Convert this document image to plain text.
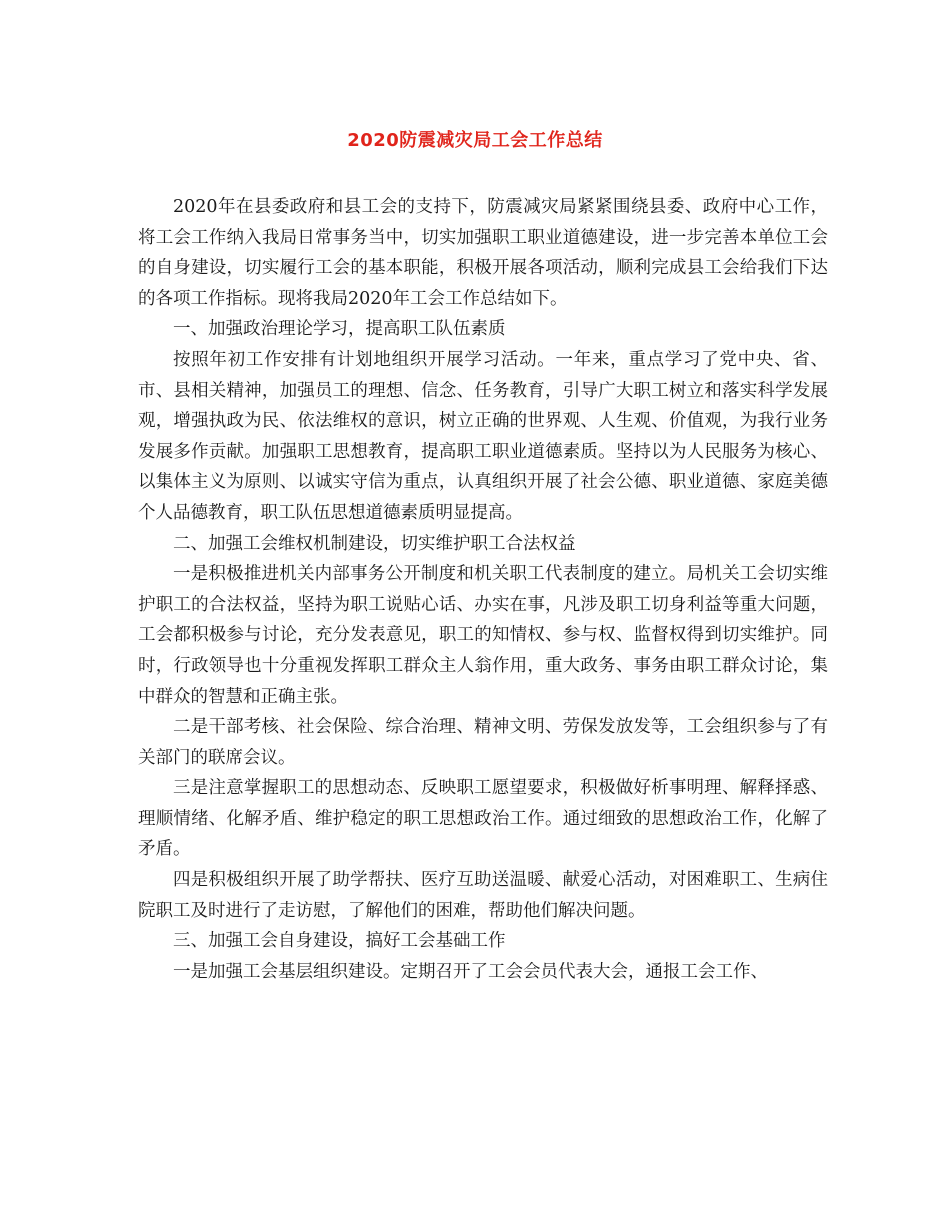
2020防震减灾局工会工作总结

2020年在县委政府和县工会的支持下，防震减灾局紧紧围绕县委、政府中心工作，将工会工作纳入我局日常事务当中，切实加强职工职业道德建设，进一步完善本单位工会的自身建设，切实履行工会的基本职能，积极开展各项活动，顺利完成县工会给我们下达的各项工作指标。现将我局2020年工会工作总结如下。

一、加强政治理论学习，提高职工队伍素质

按照年初工作安排有计划地组织开展学习活动。一年来，重点学习了党中央、省、市、县相关精神，加强员工的理想、信念、任务教育，引导广大职工树立和落实科学发展观，增强执政为民、依法维权的意识，树立正确的世界观、人生观、价值观，为我行业务发展多作贡献。加强职工思想教育，提高职工职业道德素质。坚持以为人民服务为核心、以集体主义为原则、以诚实守信为重点，认真组织开展了社会公德、职业道德、家庭美德个人品德教育，职工队伍思想道德素质明显提高。

二、加强工会维权机制建设，切实维护职工合法权益

一是积极推进机关内部事务公开制度和机关职工代表制度的建立。局机关工会切实维护职工的合法权益，坚持为职工说贴心话、办实在事，凡涉及职工切身利益等重大问题，工会都积极参与讨论，充分发表意见，职工的知情权、参与权、监督权得到切实维护。同时，行政领导也十分重视发挥职工群众主人翁作用，重大政务、事务由职工群众讨论，集中群众的智慧和正确主张。

二是干部考核、社会保险、综合治理、精神文明、劳保发放发等，工会组织参与了有关部门的联席会议。

三是注意掌握职工的思想动态、反映职工愿望要求，积极做好析事明理、解释择惑、理顺情绪、化解矛盾、维护稳定的职工思想政治工作。通过细致的思想政治工作，化解了矛盾。

四是积极组织开展了助学帮扶、医疗互助送温暖、献爱心活动，对困难职工、生病住院职工及时进行了走访慰，了解他们的困难，帮助他们解决问题。

三、加强工会自身建设，搞好工会基础工作

一是加强工会基层组织建设。定期召开了工会会员代表大会，通报工会工作、
